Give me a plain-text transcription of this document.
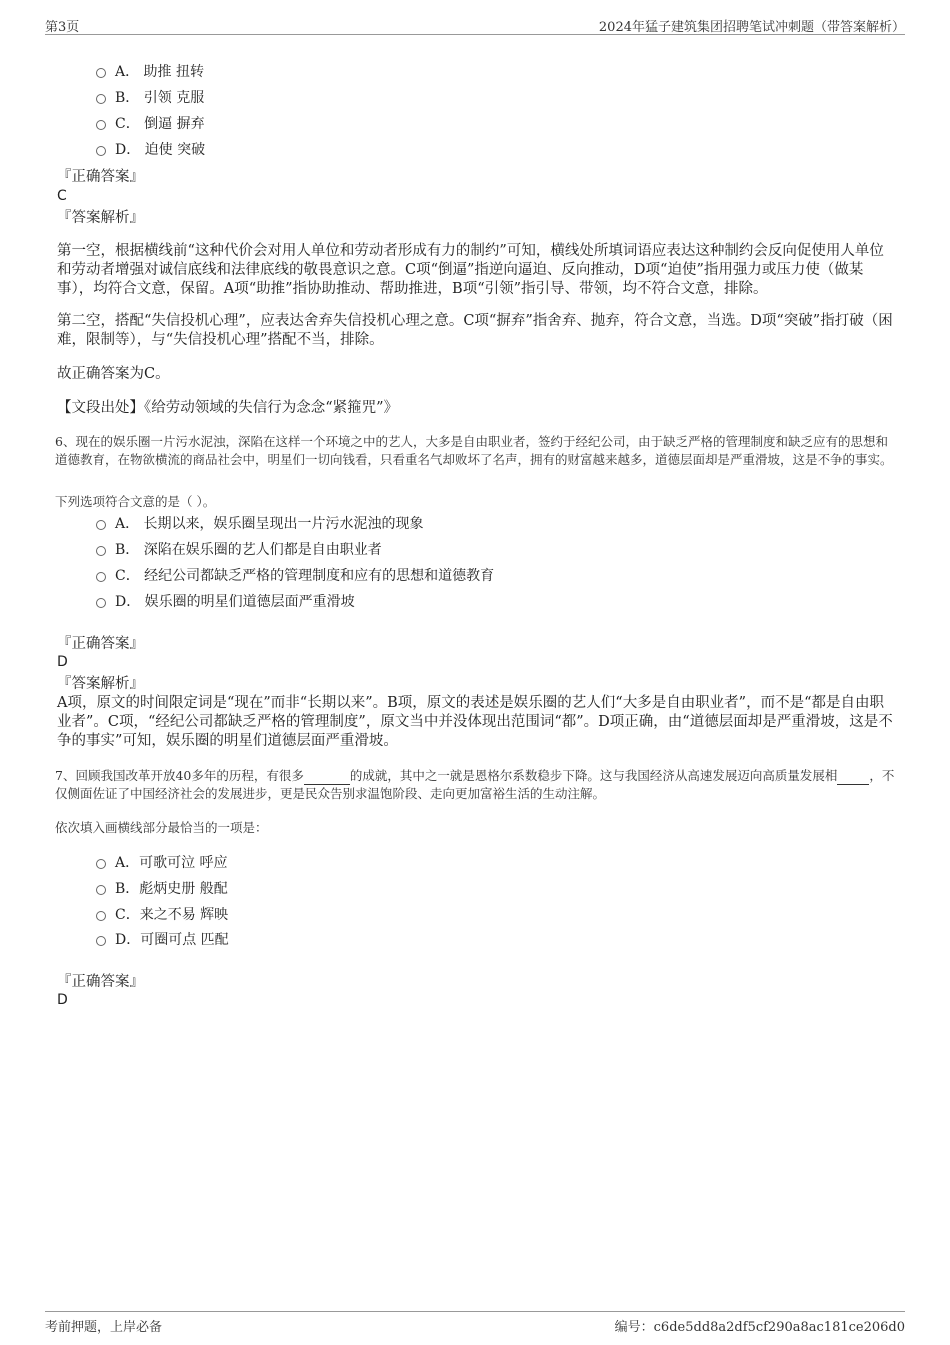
第3页	2024年猛子建筑集团招聘笔试冲刺题（带答案解析）
A． 助推 扭转
B． 引领 克服
C． 倒逼 摒弃
D． 迫使 突破
『正确答案』
C
『答案解析』
第一空，根据横线前“这种代价会对用人单位和劳动者形成有力的制约”可知，横线处所填词语应表达这种制约会反向促使用人单位和劳动者增强对诚信底线和法律底线的敬畏意识之意。C项“倒逼”指逆向逼迫、反向推动，D项“迫使”指用强力或压力使（做某事），均符合文意，保留。A项“助推”指协助推动、帮助推进，B项“引领”指引导、带领，均不符合文意，排除。
第二空，搭配“失信投机心理”，应表达舍弃失信投机心理之意。C项“摒弃”指舍弃、抛弃，符合文意，当选。D项“突破”指打破（困难，限制等），与“失信投机心理”搭配不当，排除。
故正确答案为C。
【文段出处】《给劳动领域的失信行为念念“紧箍咒”》
6、现在的娱乐圈一片污水泥浊，深陷在这样一个环境之中的艺人，大多是自由职业者，签约于经纪公司，由于缺乏严格的管理制度和缺乏应有的思想和道德教育，在物欲横流的商品社会中，明星们一切向钱看，只看重名气却败坏了名声，拥有的财富越来越多，道德层面却是严重滑坡，这是不争的事实。
下列选项符合文意的是（ ）。
A． 长期以来，娱乐圈呈现出一片污水泥浊的现象
B． 深陷在娱乐圈的艺人们都是自由职业者
C． 经纪公司都缺乏严格的管理制度和应有的思想和道德教育
D． 娱乐圈的明星们道德层面严重滑坡
『正确答案』
D
『答案解析』
A项，原文的时间限定词是“现在”而非“长期以来”。B项，原文的表述是娱乐圈的艺人们“大多是自由职业者”，而不是“都是自由职业者”。C项，“经纪公司都缺乏严格的管理制度”，原文当中并没体现出范围词“都”。D项正确，由“道德层面却是严重滑坡，这是不争的事实”可知，娱乐圈的明星们道德层面严重滑坡。
7、回顾我国改革开放40多年的历程，有很多	的成就，其中之一就是恩格尔系数稳步下降。这与我国经济从高速发展迈向高质量发展相	，不仅侧面佐证了中国经济社会的发展进步，更是民众告别求温饱阶段、走向更加富裕生活的生动注解。
依次填入画横线部分最恰当的一项是：
A．可歌可泣 呼应
B．彪炳史册 般配
C．来之不易 辉映
D．可圈可点 匹配
『正确答案』
D
考前押题，上岸必备	编号：c6de5dd8a2df5cf290a8ac181ce206d0
